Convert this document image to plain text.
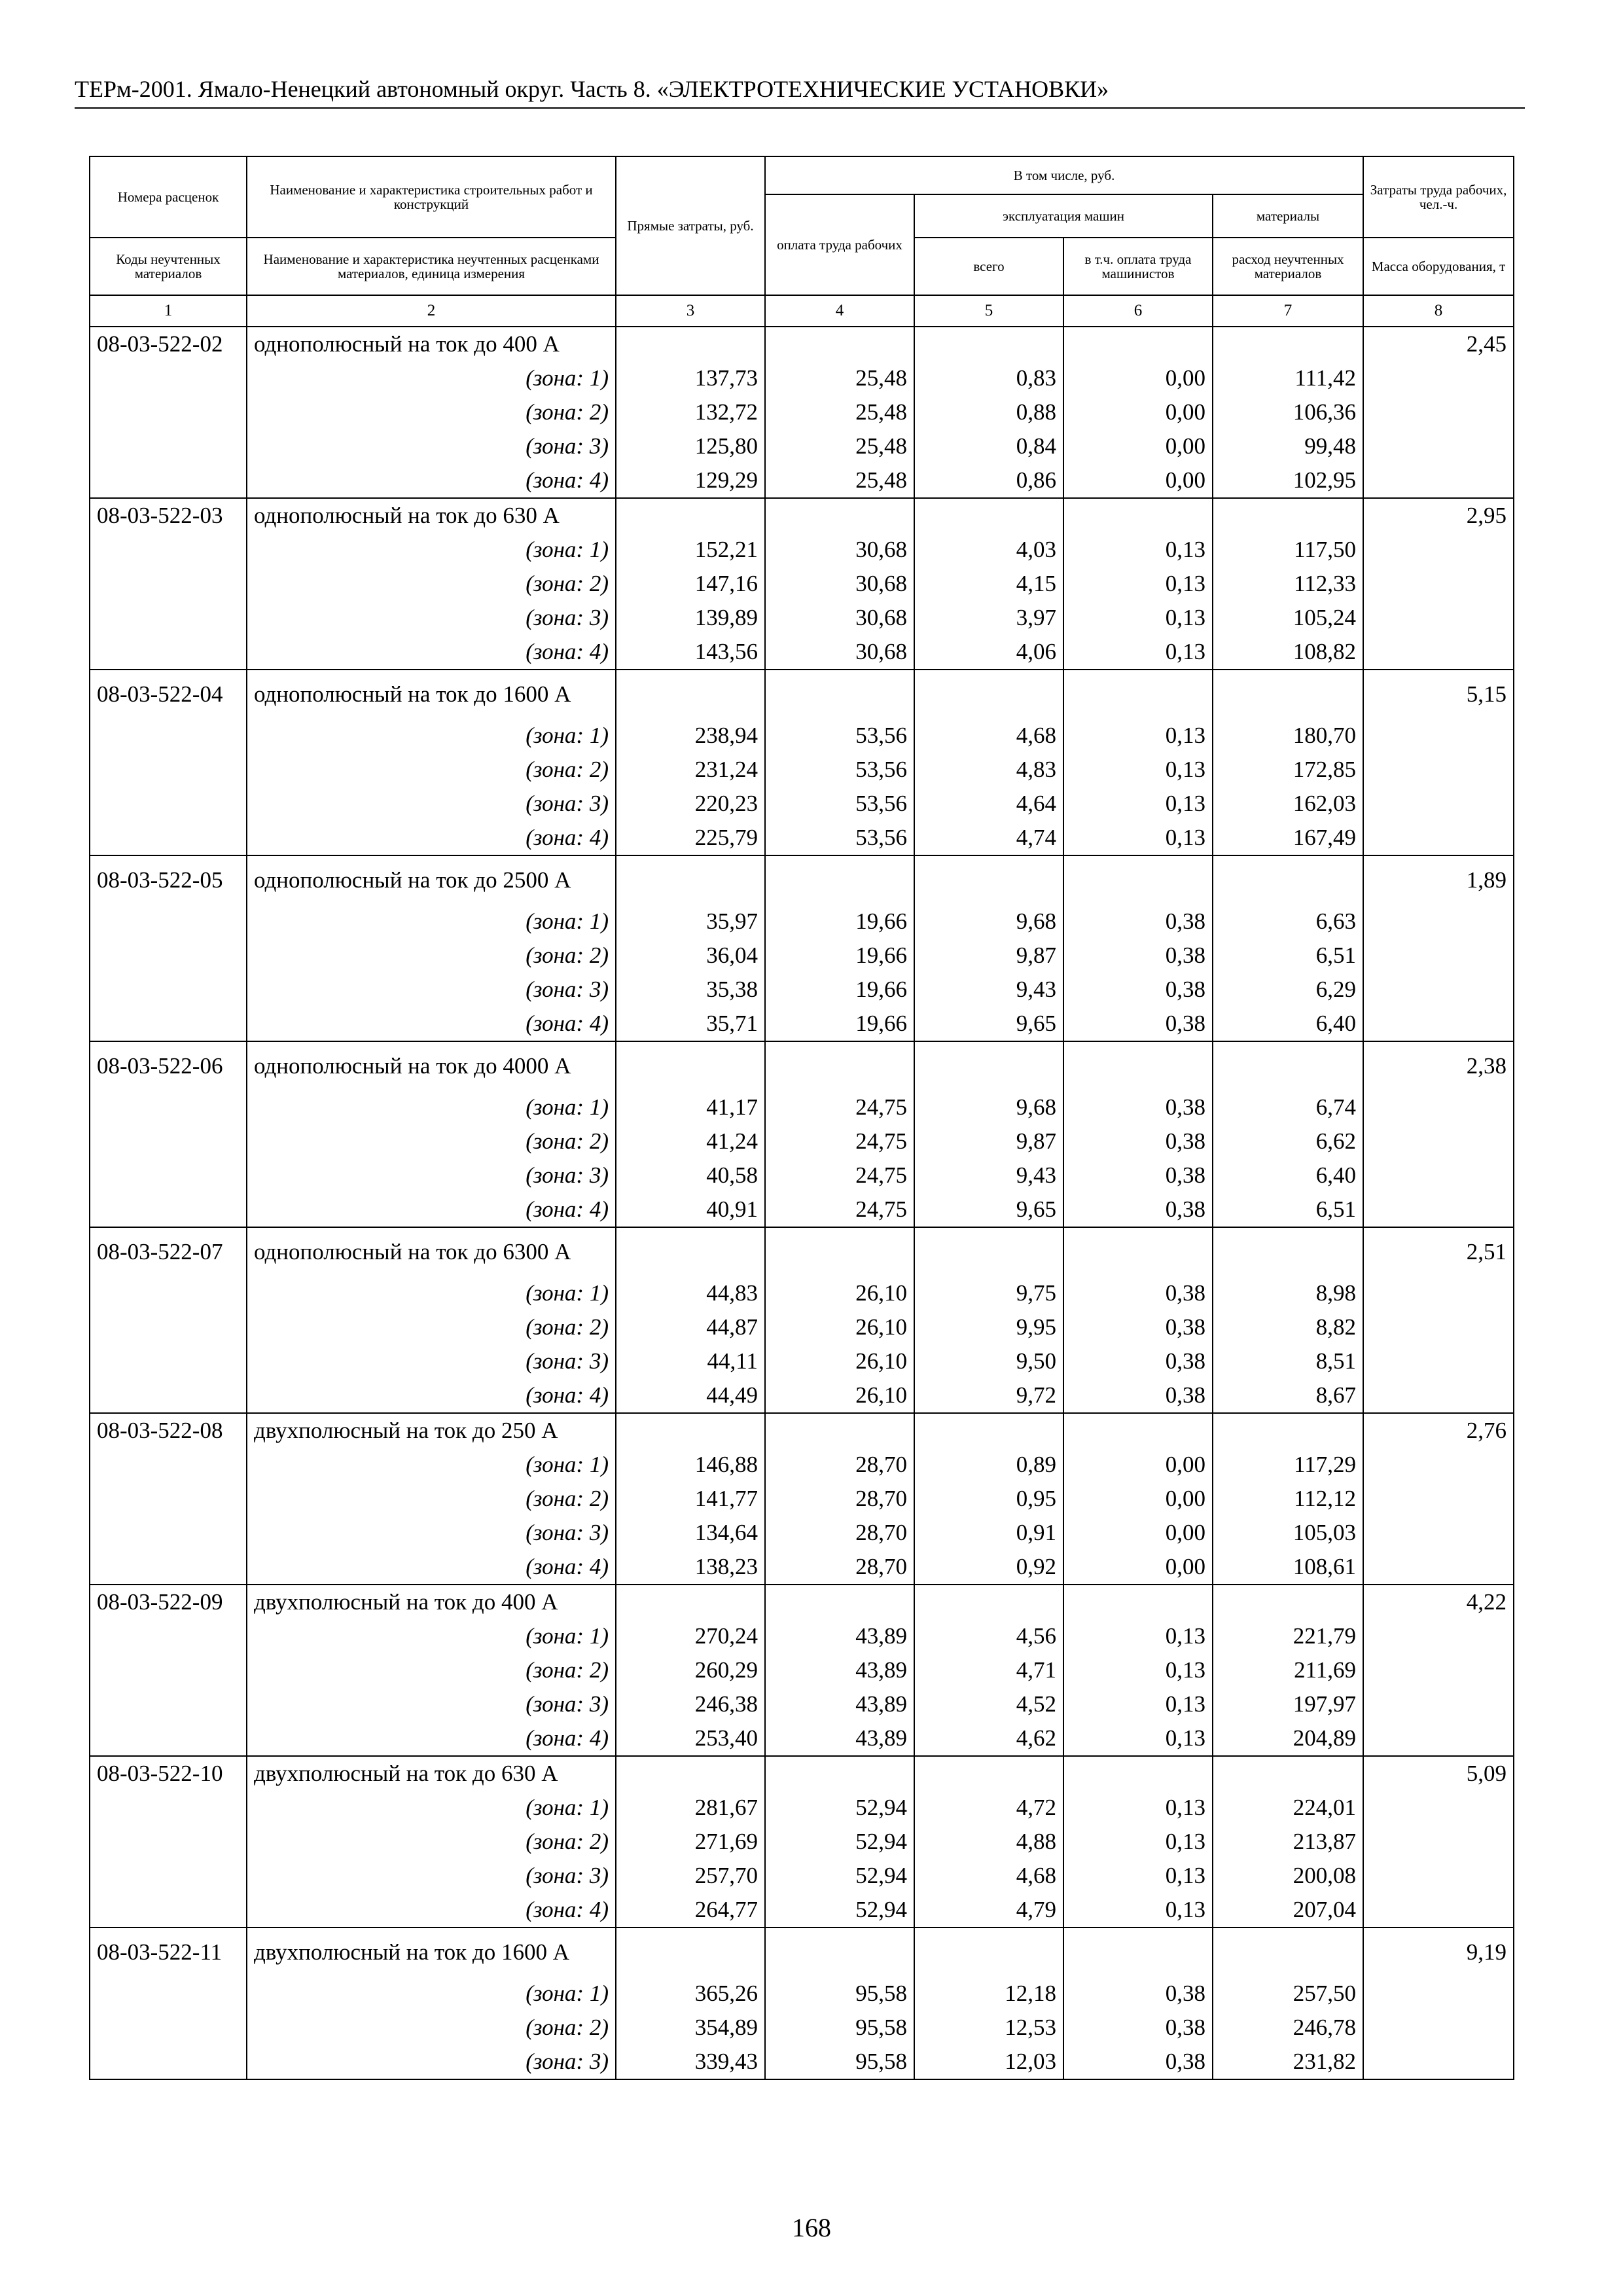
ТЕРм-2001. Ямало-Ненецкий автономный округ. Часть 8. «ЭЛЕКТРОТЕХНИЧЕСКИЕ УСТАНОВКИ»
Номера расценок	Наименование и характеристика строительных работ и конструкций	Прямые затраты, руб.	В том числе, руб.				Затраты труда рабочих, чел.-ч.
			оплата труда рабочих	эксплуатация машин		материалы	
Коды неучтенных материалов	Наименование и характеристика неучтенных расценками материалов, единица измерения			всего	в т.ч. оплата труда машинистов	расход неучтенных материалов	Масса оборудования, т
1	2	3	4	5	6	7	8
08-03-522-02	однополюсный на ток до 400 А						2,45
	(зона: 1)	137,73	25,48	0,83	0,00	111,42	
	(зона: 2)	132,72	25,48	0,88	0,00	106,36	
	(зона: 3)	125,80	25,48	0,84	0,00	99,48	
	(зона: 4)	129,29	25,48	0,86	0,00	102,95	
08-03-522-03	однополюсный на ток до 630 А						2,95
	(зона: 1)	152,21	30,68	4,03	0,13	117,50	
	(зона: 2)	147,16	30,68	4,15	0,13	112,33	
	(зона: 3)	139,89	30,68	3,97	0,13	105,24	
	(зона: 4)	143,56	30,68	4,06	0,13	108,82	
08-03-522-04	однополюсный на ток до 1600 А						5,15
	(зона: 1)	238,94	53,56	4,68	0,13	180,70	
	(зона: 2)	231,24	53,56	4,83	0,13	172,85	
	(зона: 3)	220,23	53,56	4,64	0,13	162,03	
	(зона: 4)	225,79	53,56	4,74	0,13	167,49	
08-03-522-05	однополюсный на ток до 2500 А						1,89
	(зона: 1)	35,97	19,66	9,68	0,38	6,63	
	(зона: 2)	36,04	19,66	9,87	0,38	6,51	
	(зона: 3)	35,38	19,66	9,43	0,38	6,29	
	(зона: 4)	35,71	19,66	9,65	0,38	6,40	
08-03-522-06	однополюсный на ток до 4000 А						2,38
	(зона: 1)	41,17	24,75	9,68	0,38	6,74	
	(зона: 2)	41,24	24,75	9,87	0,38	6,62	
	(зона: 3)	40,58	24,75	9,43	0,38	6,40	
	(зона: 4)	40,91	24,75	9,65	0,38	6,51	
08-03-522-07	однополюсный на ток до 6300 А						2,51
	(зона: 1)	44,83	26,10	9,75	0,38	8,98	
	(зона: 2)	44,87	26,10	9,95	0,38	8,82	
	(зона: 3)	44,11	26,10	9,50	0,38	8,51	
	(зона: 4)	44,49	26,10	9,72	0,38	8,67	
08-03-522-08	двухполюсный на ток до 250 А						2,76
	(зона: 1)	146,88	28,70	0,89	0,00	117,29	
	(зона: 2)	141,77	28,70	0,95	0,00	112,12	
	(зона: 3)	134,64	28,70	0,91	0,00	105,03	
	(зона: 4)	138,23	28,70	0,92	0,00	108,61	
08-03-522-09	двухполюсный на ток до 400 А						4,22
	(зона: 1)	270,24	43,89	4,56	0,13	221,79	
	(зона: 2)	260,29	43,89	4,71	0,13	211,69	
	(зона: 3)	246,38	43,89	4,52	0,13	197,97	
	(зона: 4)	253,40	43,89	4,62	0,13	204,89	
08-03-522-10	двухполюсный на ток до 630 А						5,09
	(зона: 1)	281,67	52,94	4,72	0,13	224,01	
	(зона: 2)	271,69	52,94	4,88	0,13	213,87	
	(зона: 3)	257,70	52,94	4,68	0,13	200,08	
	(зона: 4)	264,77	52,94	4,79	0,13	207,04	
08-03-522-11	двухполюсный на ток до 1600 А						9,19
	(зона: 1)	365,26	95,58	12,18	0,38	257,50	
	(зона: 2)	354,89	95,58	12,53	0,38	246,78	
	(зона: 3)	339,43	95,58	12,03	0,38	231,82	
168
